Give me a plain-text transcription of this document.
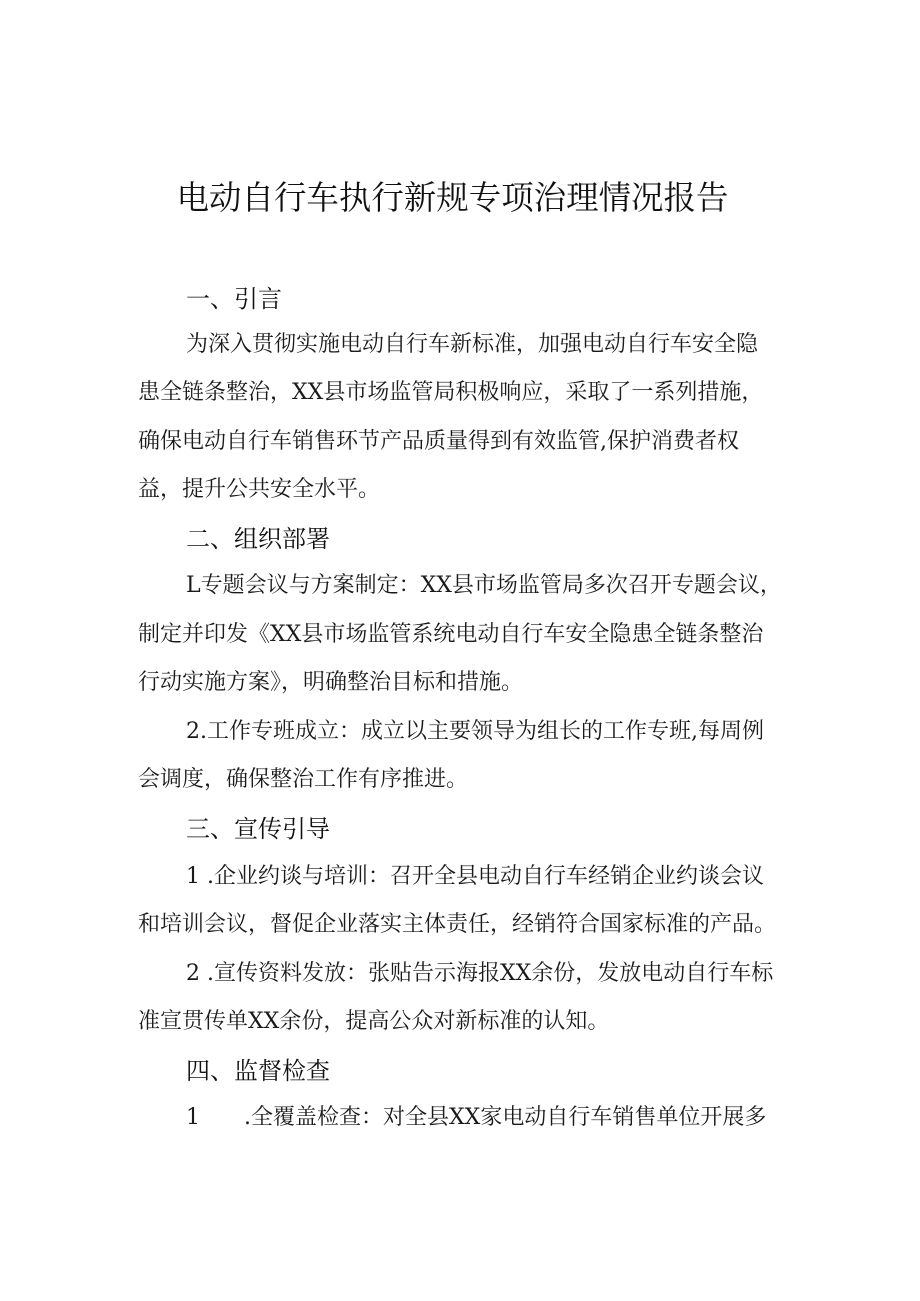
电动自行车执行新规专项治理情况报告
一、引言
为深入贯彻实施电动自行车新标准，加强电动自行车安全隐
患全链条整治，XX县市场监管局积极响应，采取了一系列措施，
确保电动自行车销售环节产品质量得到有效监管,保护消费者权
益，提升公共安全水平。
二、组织部署
L专题会议与方案制定：XX县市场监管局多次召开专题会议，
制定并印发《XX县市场监管系统电动自行车安全隐患全链条整治
行动实施方案》，明确整治目标和措施。
2.工作专班成立：成立以主要领导为组长的工作专班,每周例
会调度，确保整治工作有序推进。
三、宣传引导
1 .企业约谈与培训：召开全县电动自行车经销企业约谈会议
和培训会议，督促企业落实主体责任，经销符合国家标准的产品。
2 .宣传资料发放：张贴告示海报XX余份，发放电动自行车标
准宣贯传单XX余份，提高公众对新标准的认知。
四、监督检查
1　　.全覆盖检查：对全县XX家电动自行车销售单位开展多
